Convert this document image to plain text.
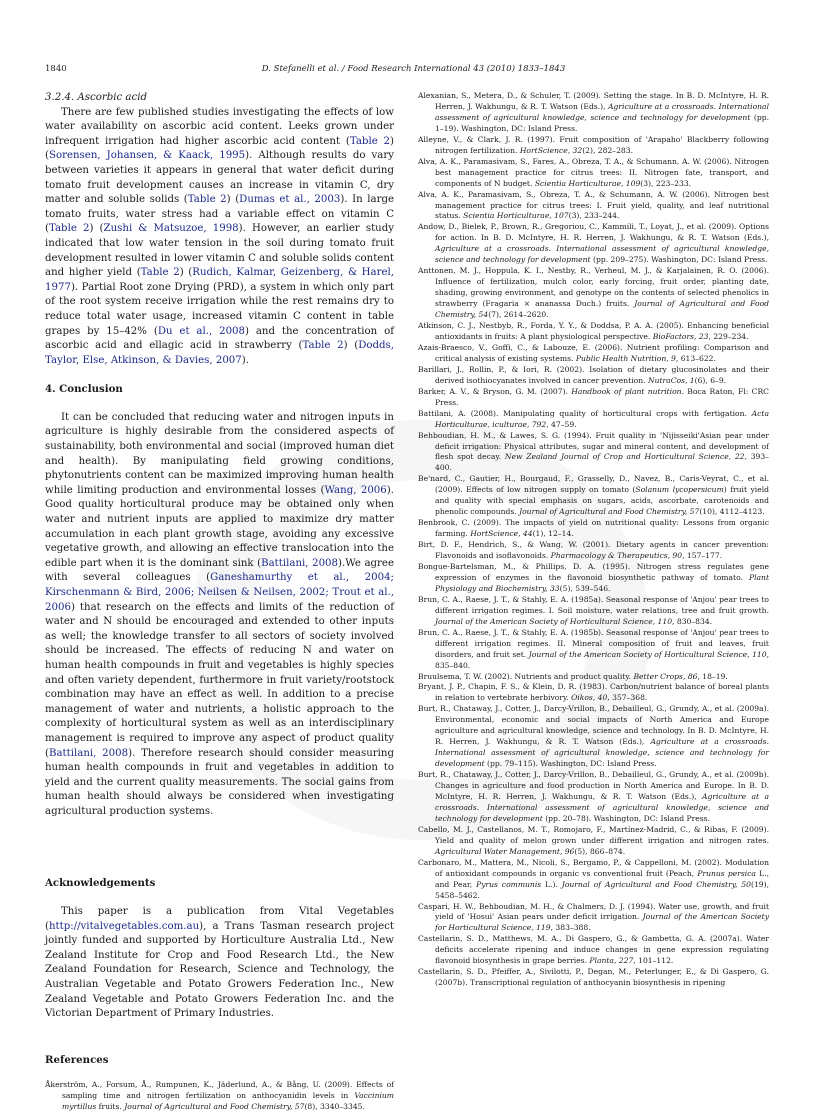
1840	D. Stefanelli et al. / Food Research International 43 (2010) 1833–1843
3.2.4. Ascorbic acid

There are few published studies investigating the effects of low water availability on ascorbic acid content. Leeks grown under infrequent irrigation had higher ascorbic acid content (Table 2) (Sorensen, Johansen, & Kaack, 1995). Although results do vary between varieties it appears in general that water deficit during tomato fruit development causes an increase in vitamin C, dry matter and soluble solids (Table 2) (Dumas et al., 2003). In large tomato fruits, water stress had a variable effect on vitamin C (Table 2) (Zushi & Matsuzoe, 1998). However, an earlier study indicated that low water tension in the soil during tomato fruit development resulted in lower vitamin C and soluble solids content and higher yield (Table 2) (Rudich, Kalmar, Geizenberg, & Harel, 1977). Partial Root zone Drying (PRD), a system in which only part of the root system receive irrigation while the rest remains dry to reduce total water usage, increased vitamin C content in table grapes by 15–42% (Du et al., 2008) and the concentration of ascorbic acid and ellagic acid in strawberry (Table 2) (Dodds, Taylor, Else, Atkinson, & Davies, 2007).

4. Conclusion

It can be concluded that reducing water and nitrogen inputs in agriculture is highly desirable from the considered aspects of sustainability, both environmental and social (improved human diet and health). By manipulating field growing conditions, phytonutrients content can be maximized improving human health while limiting production and environmental losses (Wang, 2006). Good quality horticultural produce may be obtained only when water and nutrient inputs are applied to maximize dry matter accumulation in each plant growth stage, avoiding any excessive vegetative growth, and allowing an effective translocation into the edible part when it is the dominant sink (Battilani, 2008).We agree with several colleagues (Ganeshamurthy et al., 2004; Kirschenmann & Bird, 2006; Neilsen & Neilsen, 2002; Trout et al., 2006) that research on the effects and limits of the reduction of water and N should be encouraged and extended to other inputs as well; the knowledge transfer to all sectors of society involved should be increased. The effects of reducing N and water on human health compounds in fruit and vegetables is highly species and often variety dependent, furthermore in fruit variety/rootstock combination may have an effect as well. In addition to a precise management of water and nutrients, a holistic approach to the complexity of horticultural system as well as an interdisciplinary management is required to improve any aspect of product quality (Battilani, 2008). Therefore research should consider measuring human health compounds in fruit and vegetables in addition to yield and the current quality measurements. The social gains from human health should always be considered when investigating agricultural production systems.

Acknowledgements

This paper is a publication from Vital Vegetables (http://vitalvegetables.com.au), a Trans Tasman research project jointly funded and supported by Horticulture Australia Ltd., New Zealand Institute for Crop and Food Research Ltd., the New Zealand Foundation for Research, Science and Technology, the Australian Vegetable and Potato Growers Federation Inc., New Zealand Vegetable and Potato Growers Federation Inc. and the Victorian Department of Primary Industries.

References

Åkerström, A., Forsum, Å., Rumpunen, K., Jäderlund, A., & Bång, U. (2009). Effects of sampling time and nitrogen fertilization on anthocyanidin levels in Vaccinium myrtillus fruits. Journal of Agricultural and Food Chemistry, 57(8), 3340–3345.

Alexanian, S., Metera, D., & Schuler, T. (2009). Setting the stage. In B. D. McIntyre, H. R. Herren, J. Wakhungu, & R. T. Watson (Eds.), Agriculture at a crossroads. International assessment of agricultural knowledge, science and technology for development (pp. 1–19). Washington, DC: Island Press.

Alleyne, V., & Clark, J. R. (1997). Fruit composition of 'Arapaho' Blackberry following nitrogen fertilization. HortScience, 32(2), 282–283.

Alva, A. K., Paramasivam, S., Fares, A., Obreza, T. A., & Schumann, A. W. (2006). Nitrogen best management practice for citrus trees: II. Nitrogen fate, transport, and components of N budget. Scientia Horticulturae, 109(3), 223–233.

Alva, A. K., Paramasivam, S., Obreza, T. A., & Schumann, A. W. (2006). Nitrogen best management practice for citrus trees: I. Fruit yield, quality, and leaf nutritional status. Scientia Horticulturae, 107(3), 233–244.

Andow, D., Bielek, P., Brown, R., Gregoriou, C., Kammili, T., Loyat, J., et al. (2009). Options for action. In B. D. McIntyre, H. R. Herren, J. Wakhungu, & R. T. Watson (Eds.), Agriculture at a crossroads. International assessment of agricultural knowledge, science and technology for development (pp. 209–275). Washington, DC: Island Press.

Anttonen, M. J., Hoppula, K. I., Nestby, R., Verheul, M. J., & Karjalainen, R. O. (2006). Influence of fertilization, mulch color, early forcing, fruit order, planting date, shading, growing environment, and genotype on the contents of selected phenolics in strawberry (Fragaria × ananassa Duch.) fruits. Journal of Agricultural and Food Chemistry, 54(7), 2614–2620.

Atkinson, C. J., Nestbyb, R., Forda, Y. Y., & Doddsa, P. A. A. (2005). Enhancing beneficial antioxidants in fruits: A plant physiological perspective. BioFactors, 23, 229–234.

Azais-Braesco, V., Goffi, C., & Labouze, E. (2006). Nutrient profiling: Comparison and critical analysis of existing systems. Public Health Nutrition, 9, 613–622.

Barillari, J., Rollin, P., & Iori, R. (2002). Isolation of dietary glucosinolates and their derived isothiocyanates involved in cancer prevention. NutraCos, 1(6), 6–9.

Barker, A. V., & Bryson, G. M. (2007). Handbook of plant nutrition. Boca Raton, Fl: CRC Press.

Battilani, A. (2008). Manipulating quality of horticultural crops with fertigation. Acta Horticulturae, iculturae, 792, 47–59.

Behboudian, H. M., & Lawes, S. G. (1994). Fruit quality in 'Nijisseiki'Asian pear under deficit irrigation: Physical attributes, sugar and mineral content, and development of flesh spot decay. New Zealand Journal of Crop and Horticultural Science, 22, 393–400.

Be'nard, C., Gautier, H., Bourgaud, F., Grasselly, D., Navez, B., Caris-Veyrat, C., et al. (2009). Effects of low nitrogen supply on tomato (Solanum lycopersicum) fruit yield and quality with special emphasis on sugars, acids, ascorbate, carotenoids and phenolic compounds. Journal of Agricultural and Food Chemistry, 57(10), 4112–4123.

Benbrook, C. (2009). The impacts of yield on nutritional quality: Lessons from organic farming. HortScience, 44(1), 12–14.

Birt, D. F., Hendrich, S., & Wang, W. (2001). Dietary agents in cancer prevention: Flavonoids and isoflavonoids. Pharmacology & Therapeutics, 90, 157–177.

Bongue-Bartelsman, M., & Phillips, D. A. (1995). Nitrogen stress regulates gene expression of enzymes in the flavonoid biosynthetic pathway of tomato. Plant Physiology and Biochemistry, 33(5), 539–546.

Brun, C. A., Raese, J. T., & Stahly, E. A. (1985a). Seasonal response of 'Anjou' pear trees to different irrigation regimes. I. Soil moisture, water relations, tree and fruit growth. Journal of the American Society of Horticultural Science, 110, 830–834.

Brun, C. A., Raese, J. T., & Stahly, E. A. (1985b). Seasonal response of 'Anjou' pear trees to different irrigation regimes. II. Mineral composition of fruit and leaves, fruit disorders, and fruit set. Journal of the American Society of Horticultural Science, 110, 835–840.

Bruulsema, T. W. (2002). Nutrients and product quality. Better Crops, 86, 18–19.

Bryant, J. P., Chapin, F. S., & Klein, D. R. (1983). Carbon/nutrient balance of boreal plants in relation to vertebrate herbivory. Oikos, 40, 357–368.

Burt, R., Chataway, J., Cotter, J., Darcy-Vrillon, B., Debailleul, G., Grundy, A., et al. (2009a). Environmental, economic and social impacts of North America and Europe agriculture and agricultural knowledge, science and technology. In B. D. McIntyre, H. R. Herren, J. Wakhungu, & R. T. Watson (Eds.), Agriculture at a crossroads. International assessment of agricultural knowledge, science and technology for development (pp. 79–115). Washington, DC: Island Press.

Burt, R., Chataway, J., Cotter, J., Darcy-Vrillon, B., Debailleul, G., Grundy, A., et al. (2009b). Changes in agriculture and food production in North America and Europe. In B. D. McIntyre, H. R. Herren, J. Wakhungu, & R. T. Watson (Eds.), Agriculture at a crossroads. International assessment of agricultural knowledge, science and technology for development (pp. 20–78). Washington, DC: Island Press.

Cabello, M. J., Castellanos, M. T., Romojaro, F., Martínez-Madrid, C., & Ribas, F. (2009). Yield and quality of melon grown under different irrigation and nitrogen rates. Agricultural Water Management, 96(5), 866–874.

Carbonaro, M., Mattera, M., Nicoli, S., Bergamo, P., & Cappelloni, M. (2002). Modulation of antioxidant compounds in organic vs conventional fruit (Peach, Prunus persica L., and Pear, Pyrus communis L.). Journal of Agricultural and Food Chemistry, 50(19), 5458–5462.

Caspari, H. W., Behboudian, M. H., & Chalmers, D. J. (1994). Water use, growth, and fruit yield of 'Hosui' Asian pears under deficit irrigation. Journal of the American Society for Horticultural Science, 119, 383–388.

Castellarin, S. D., Matthews, M. A., Di Gaspero, G., & Gambetta, G. A. (2007a). Water deficits accelerate ripening and induce changes in gene expression regulating flavonoid biosynthesis in grape berries. Planta, 227, 101–112.

Castellarin, S. D., Pfeiffer, A., Sivilotti, P., Degan, M., Peterlunger, E., & Di Gaspero, G. (2007b). Transcriptional regulation of anthocyanin biosynthesis in ripening
